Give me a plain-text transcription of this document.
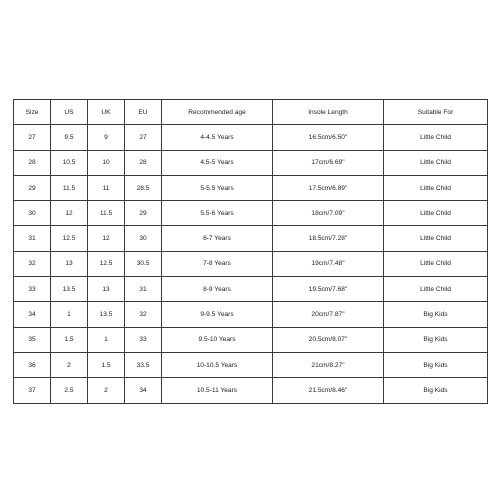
Size	US	UK	EU	Recommended age	Insole Length	Suitable For
27	9.5	9	27	4-4.5 Years	16.5cm/6.50"	Little Child
28	10.5	10	28	4.5-5 Years	17cm/6.69"	Little Child
29	11.5	11	28.5	5-5.5 Years	17.5cm/6.89"	Little Child
30	12	11.5	29	5.5-6 Years	18cm/7.09"	Little Child
31	12.5	12	30	6-7 Years	18.5cm/7.28"	Little Child
32	13	12.5	30.5	7-8 Years	19cm/7.48"	Little Child
33	13.5	13	31	8-9 Years	19.5cm/7.68"	Little Child
34	1	13.5	32	9-9.5 Years	20cm/7.87"	Big Kids
35	1.5	1	33	9.5-10 Years	20.5cm/8.07"	Big Kids
36	2	1.5	33.5	10-10.5 Years	21cm/8.27"	Big Kids
37	2.5	2	34	10.5-11 Years	21.5cm/8.46"	Big Kids
